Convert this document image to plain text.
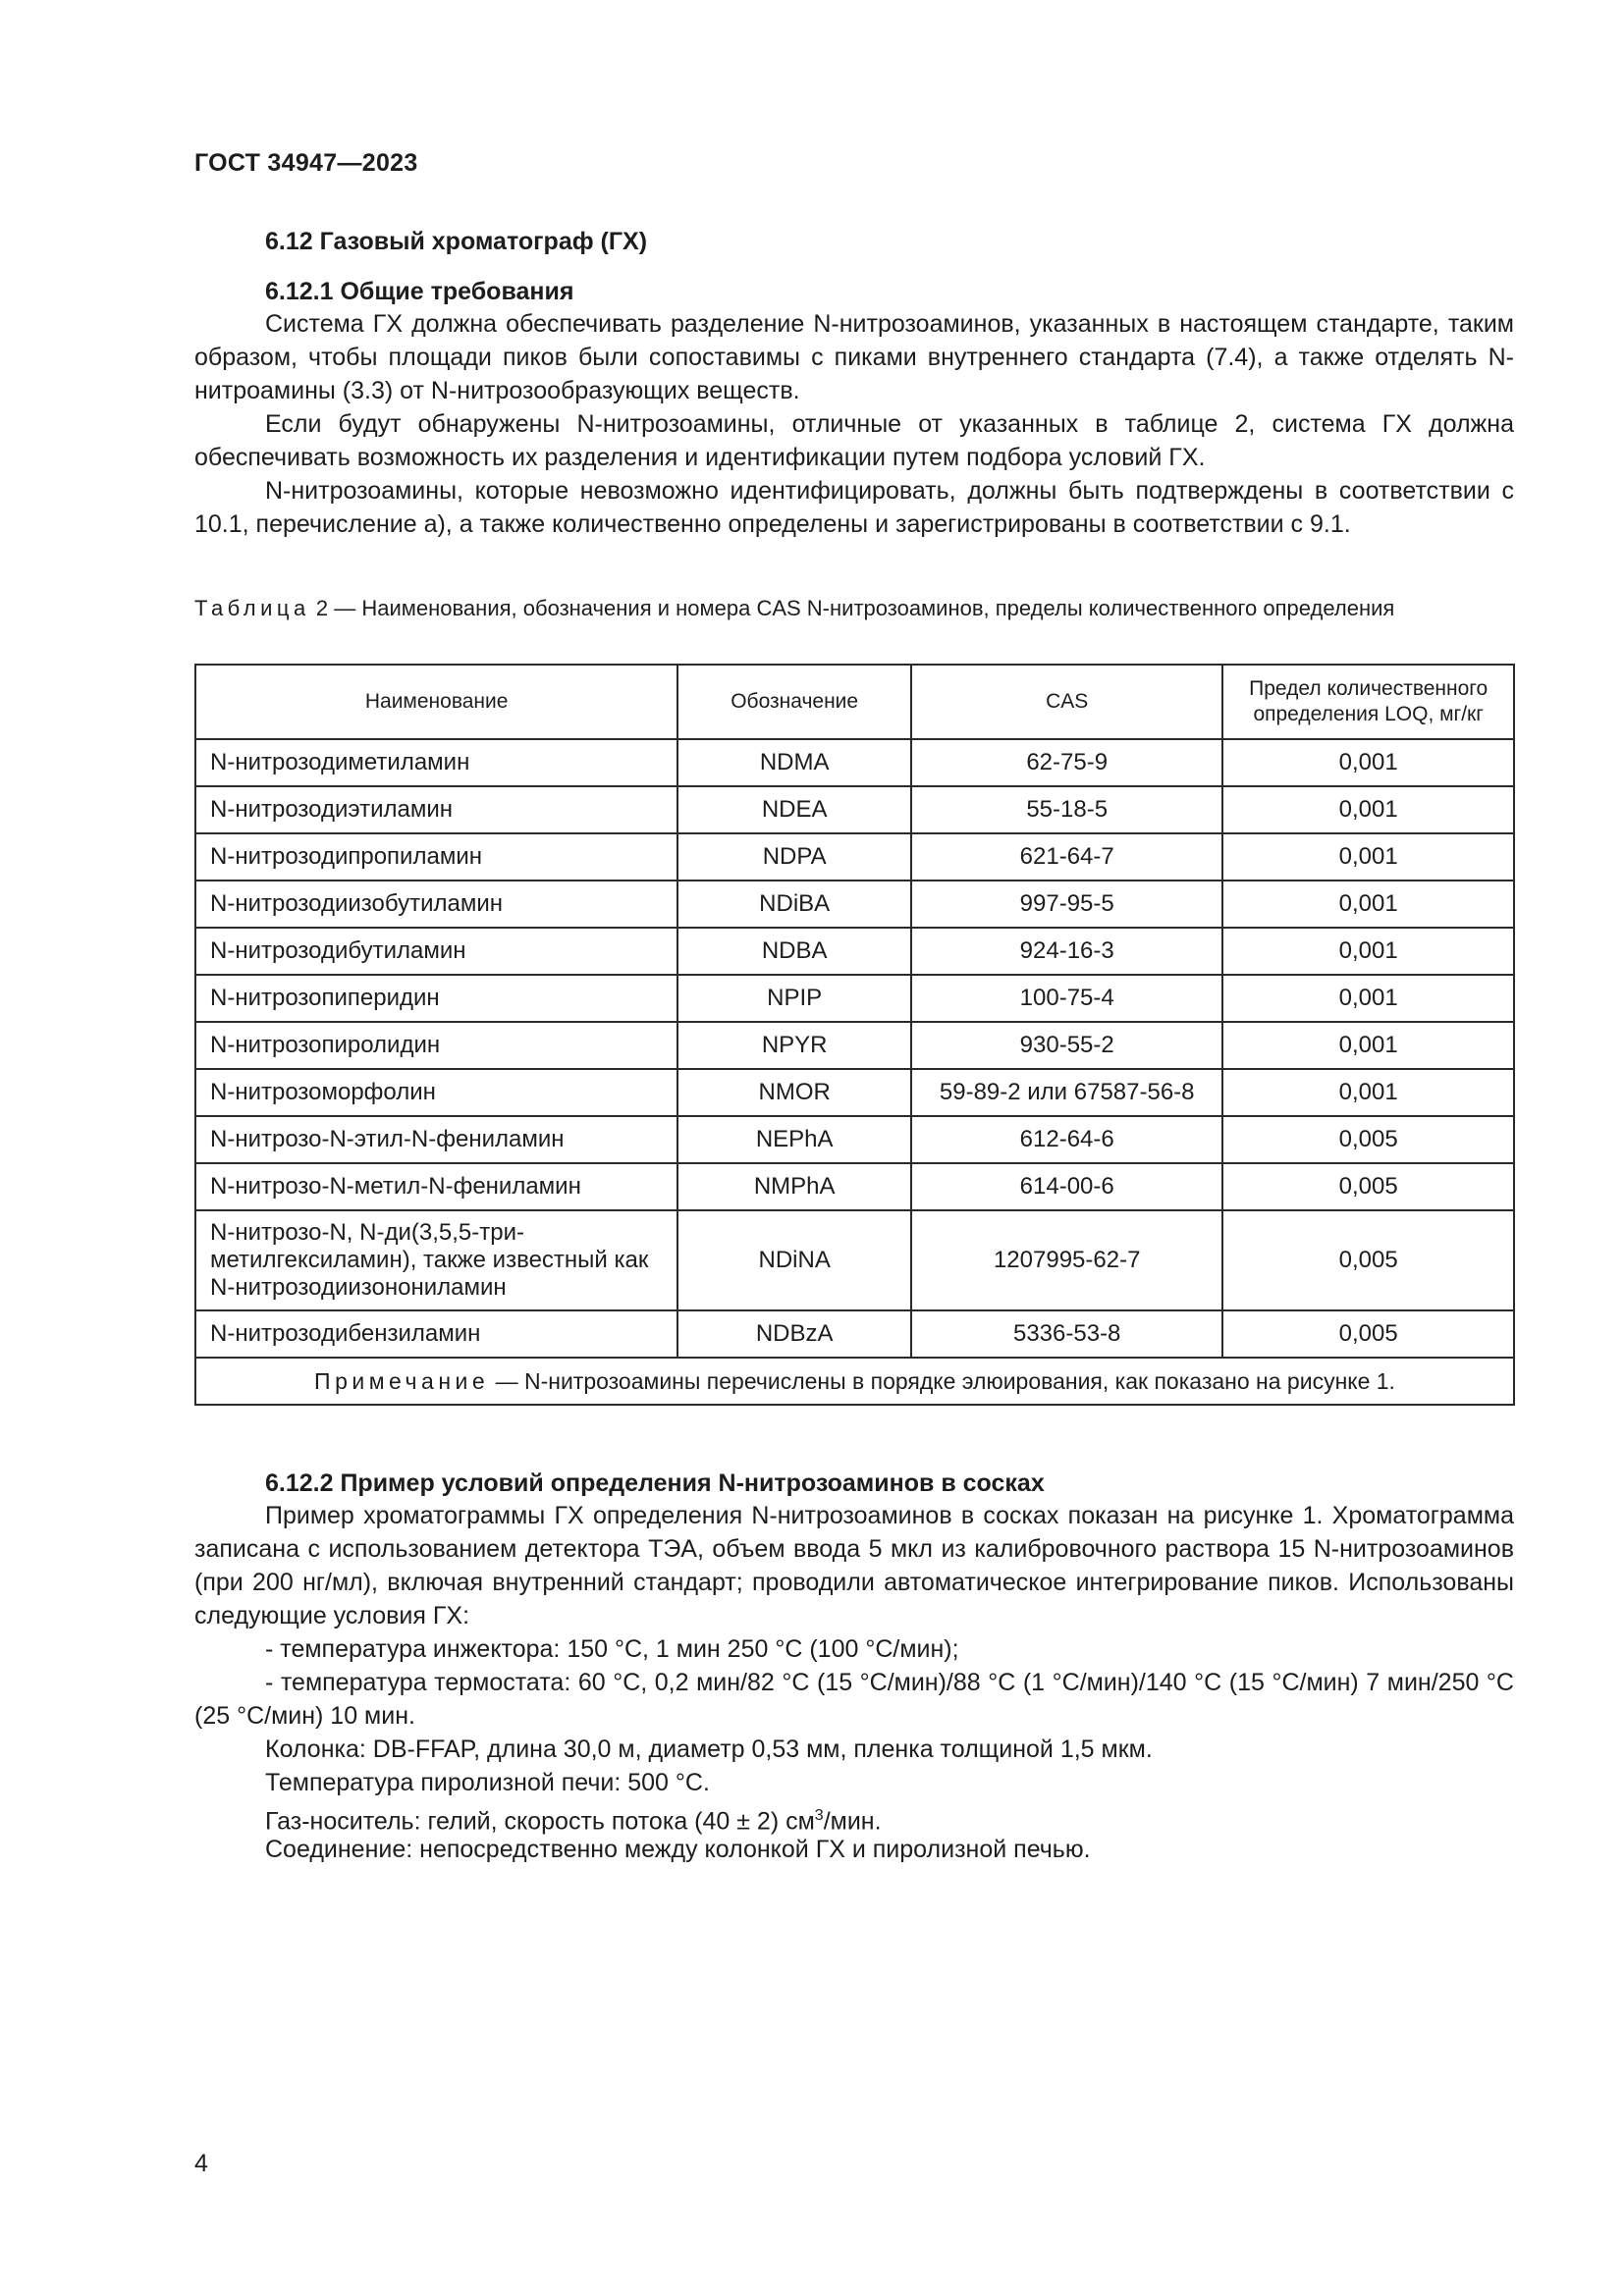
ГОСТ 34947—2023
6.12 Газовый хроматограф (ГХ)
6.12.1 Общие требования

Система ГХ должна обеспечивать разделение N-нитрозоаминов, указанных в настоящем стандарте, таким образом, чтобы площади пиков были сопоставимы с пиками внутреннего стандарта (7.4), а также отделять N-нитроамины (3.3) от N-нитрозообразующих веществ.

Если будут обнаружены N-нитрозоамины, отличные от указанных в таблице 2, система ГХ должна обеспечивать возможность их разделения и идентификации путем подбора условий ГХ.

N-нитрозоамины, которые невозможно идентифицировать, должны быть подтверждены в соответствии с 10.1, перечисление а), а также количественно определены и зарегистрированы в соответствии с 9.1.

Таблица 2 — Наименования, обозначения и номера CAS N-нитрозоаминов, пределы количественного определения

Наименование	Обозначение	CAS	Предел количественного определения LOQ, мг/кг
N-нитрозодиметиламин	NDMA	62-75-9	0,001
N-нитрозодиэтиламин	NDEA	55-18-5	0,001
N-нитрозодипропиламин	NDPA	621-64-7	0,001
N-нитрозодиизобутиламин	NDiBA	997-95-5	0,001
N-нитрозодибутиламин	NDBA	924-16-3	0,001
N-нитрозопиперидин	NPIP	100-75-4	0,001
N-нитрозопиролидин	NPYR	930-55-2	0,001
N-нитрозоморфолин	NMOR	59-89-2 или 67587-56-8	0,001
N-нитрозо-N-этил-N-фениламин	NEPhA	612-64-6	0,005
N-нитрозо-N-метил-N-фениламин	NMPhA	614-00-6	0,005
N-нитрозо-N, N-ди(3,5,5-три-метилгексиламин), также известный как N-нитрозодиизонониламин	NDiNA	1207995-62-7	0,005
N-нитрозодибензиламин	NDBzA	5336-53-8	0,005
Примечание — N-нитрозоамины перечислены в порядке элюирования, как показано на рисунке 1.			
6.12.2 Пример условий определения N-нитрозоаминов в сосках

Пример хроматограммы ГХ определения N-нитрозоаминов в сосках показан на рисунке 1. Хроматограмма записана с использованием детектора ТЭА, объем ввода 5 мкл из калибровочного раствора 15 N-нитрозоаминов (при 200 нг/мл), включая внутренний стандарт; проводили автоматическое интегрирование пиков. Использованы следующие условия ГХ:

- температура инжектора: 150 °С, 1 мин 250 °С (100 °С/мин);
- температура термостата: 60 °С, 0,2 мин/82 °С (15 °С/мин)/88 °С (1 °С/мин)/140 °С (15 °С/мин) 7 мин/250 °С (25 °С/мин) 10 мин.
Колонка: DB-FFAP, длина 30,0 м, диаметр 0,53 мм, пленка толщиной 1,5 мкм.
Температура пиролизной печи: 500 °С.
Газ-носитель: гелий, скорость потока (40 ± 2) $см^3$/мин.
Соединение: непосредственно между колонкой ГХ и пиролизной печью.
4
